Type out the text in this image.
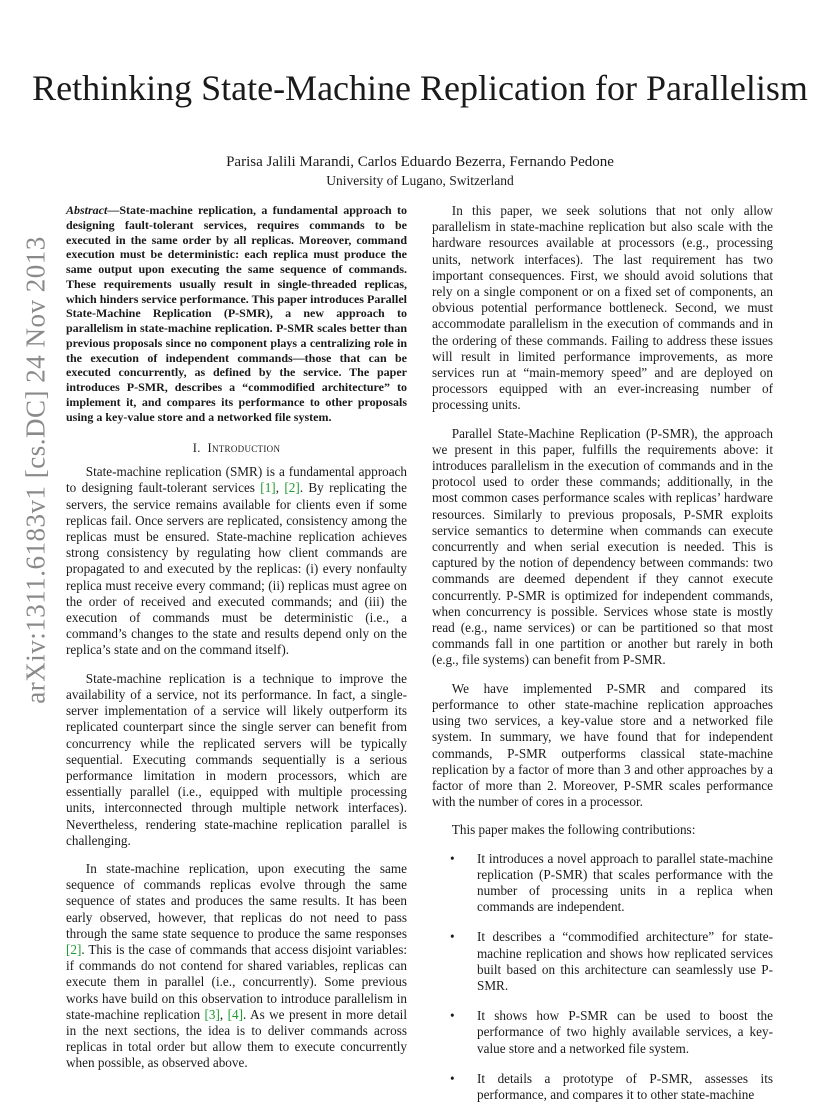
Rethinking State-Machine Replication for Parallelism
Parisa Jalili Marandi, Carlos Eduardo Bezerra, Fernando Pedone
University of Lugano, Switzerland
arXiv:1311.6183v1 [cs.DC] 24 Nov 2013

Abstract—State-machine replication, a fundamental approach to designing fault-tolerant services, requires commands to be executed in the same order by all replicas. Moreover, command execution must be deterministic: each replica must produce the same output upon executing the same sequence of commands. These requirements usually result in single-threaded replicas, which hinders service performance. This paper introduces Parallel State-Machine Replication (P-SMR), a new approach to parallelism in state-machine replication. P-SMR scales better than previous proposals since no component plays a centralizing role in the execution of independent commands—those that can be executed concurrently, as defined by the service. The paper introduces P-SMR, describes a “commodified architecture” to implement it, and compares its performance to other proposals using a key-value store and a networked file system.

I. Introduction

State-machine replication (SMR) is a fundamental approach to designing fault-tolerant services [1], [2]. By replicating the servers, the service remains available for clients even if some replicas fail. Once servers are replicated, consistency among the replicas must be ensured. State-machine replication achieves strong consistency by regulating how client commands are propagated to and executed by the replicas: (i) every nonfaulty replica must receive every command; (ii) replicas must agree on the order of received and executed commands; and (iii) the execution of commands must be deterministic (i.e., a command’s changes to the state and results depend only on the replica’s state and on the command itself).

State-machine replication is a technique to improve the availability of a service, not its performance. In fact, a single-server implementation of a service will likely outperform its replicated counterpart since the single server can benefit from concurrency while the replicated servers will be typically sequential. Executing commands sequentially is a serious performance limitation in modern processors, which are essentially parallel (i.e., equipped with multiple processing units, interconnected through multiple network interfaces). Nevertheless, rendering state-machine replication parallel is challenging.

In state-machine replication, upon executing the same sequence of commands replicas evolve through the same sequence of states and produces the same results. It has been early observed, however, that replicas do not need to pass through the same state sequence to produce the same responses [2]. This is the case of commands that access disjoint variables: if commands do not contend for shared variables, replicas can execute them in parallel (i.e., concurrently). Some previous works have build on this observation to introduce parallelism in state-machine replication [3], [4]. As we present in more detail in the next sections, the idea is to deliver commands across replicas in total order but allow them to execute concurrently when possible, as observed above.

In this paper, we seek solutions that not only allow parallelism in state-machine replication but also scale with the hardware resources available at processors (e.g., processing units, network interfaces). The last requirement has two important consequences. First, we should avoid solutions that rely on a single component or on a fixed set of components, an obvious potential performance bottleneck. Second, we must accommodate parallelism in the execution of commands and in the ordering of these commands. Failing to address these issues will result in limited performance improvements, as more services run at “main-memory speed” and are deployed on processors equipped with an ever-increasing number of processing units.

Parallel State-Machine Replication (P-SMR), the approach we present in this paper, fulfills the requirements above: it introduces parallelism in the execution of commands and in the protocol used to order these commands; additionally, in the most common cases performance scales with replicas’ hardware resources. Similarly to previous proposals, P-SMR exploits service semantics to determine when commands can execute concurrently and when serial execution is needed. This is captured by the notion of dependency between commands: two commands are deemed dependent if they cannot execute concurrently. P-SMR is optimized for independent commands, when concurrency is possible. Services whose state is mostly read (e.g., name services) or can be partitioned so that most commands fall in one partition or another but rarely in both (e.g., file systems) can benefit from P-SMR.

We have implemented P-SMR and compared its performance to other state-machine replication approaches using two services, a key-value store and a networked file system. In summary, we have found that for independent commands, P-SMR outperforms classical state-machine replication by a factor of more than 3 and other approaches by a factor of more than 2. Moreover, P-SMR scales performance with the number of cores in a processor.

This paper makes the following contributions:

• It introduces a novel approach to parallel state-machine replication (P-SMR) that scales performance with the number of processing units in a replica when commands are independent.
• It describes a “commodified architecture” for state-machine replication and shows how replicated services built based on this architecture can seamlessly use P-SMR.
• It shows how P-SMR can be used to boost the performance of two highly available services, a key-value store and a networked file system.
• It details a prototype of P-SMR, assesses its performance, and compares it to other state-machine
